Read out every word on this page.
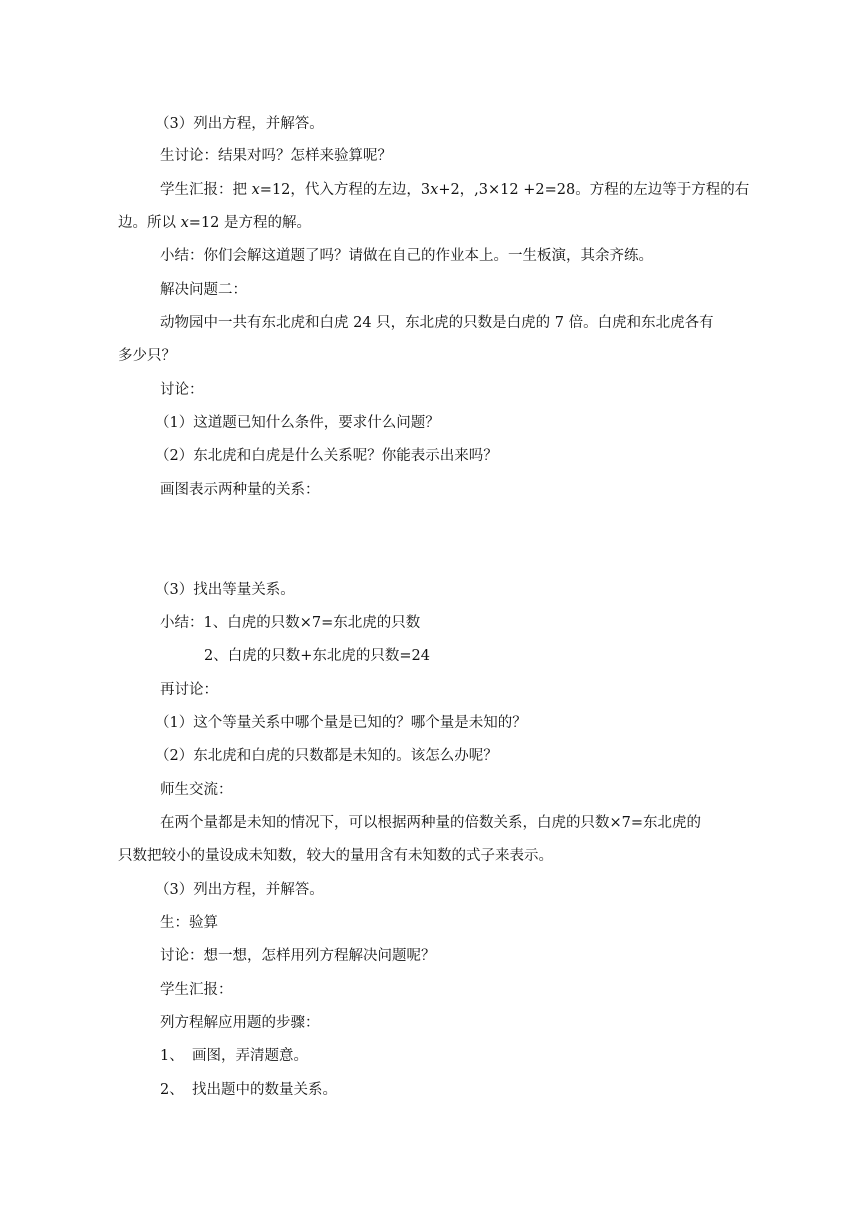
（3）列出方程，并解答。
生讨论：结果对吗？怎样来验算呢？
学生汇报：把 x=12，代入方程的左边，3x+2，,3×12 +2=28。方程的左边等于方程的右
边。所以 x=12 是方程的解。
小结：你们会解这道题了吗？请做在自己的作业本上。一生板演，其余齐练。
解决问题二：
动物园中一共有东北虎和白虎 24 只，东北虎的只数是白虎的 7 倍。白虎和东北虎各有
多少只？
讨论：
（1）这道题已知什么条件，要求什么问题？
（2）东北虎和白虎是什么关系呢？你能表示出来吗？
画图表示两种量的关系：
（3）找出等量关系。
小结：1、白虎的只数×7=东北虎的只数
2、白虎的只数+东北虎的只数=24
再讨论：
（1）这个等量关系中哪个量是已知的？哪个量是未知的？
（2）东北虎和白虎的只数都是未知的。该怎么办呢？
师生交流：
在两个量都是未知的情况下，可以根据两种量的倍数关系，白虎的只数×7=东北虎的
只数把较小的量设成未知数，较大的量用含有未知数的式子来表示。
（3）列出方程，并解答。
生：验算
讨论：想一想，怎样用列方程解决问题呢？
学生汇报：
列方程解应用题的步骤：
1、 画图，弄清题意。
2、 找出题中的数量关系。
